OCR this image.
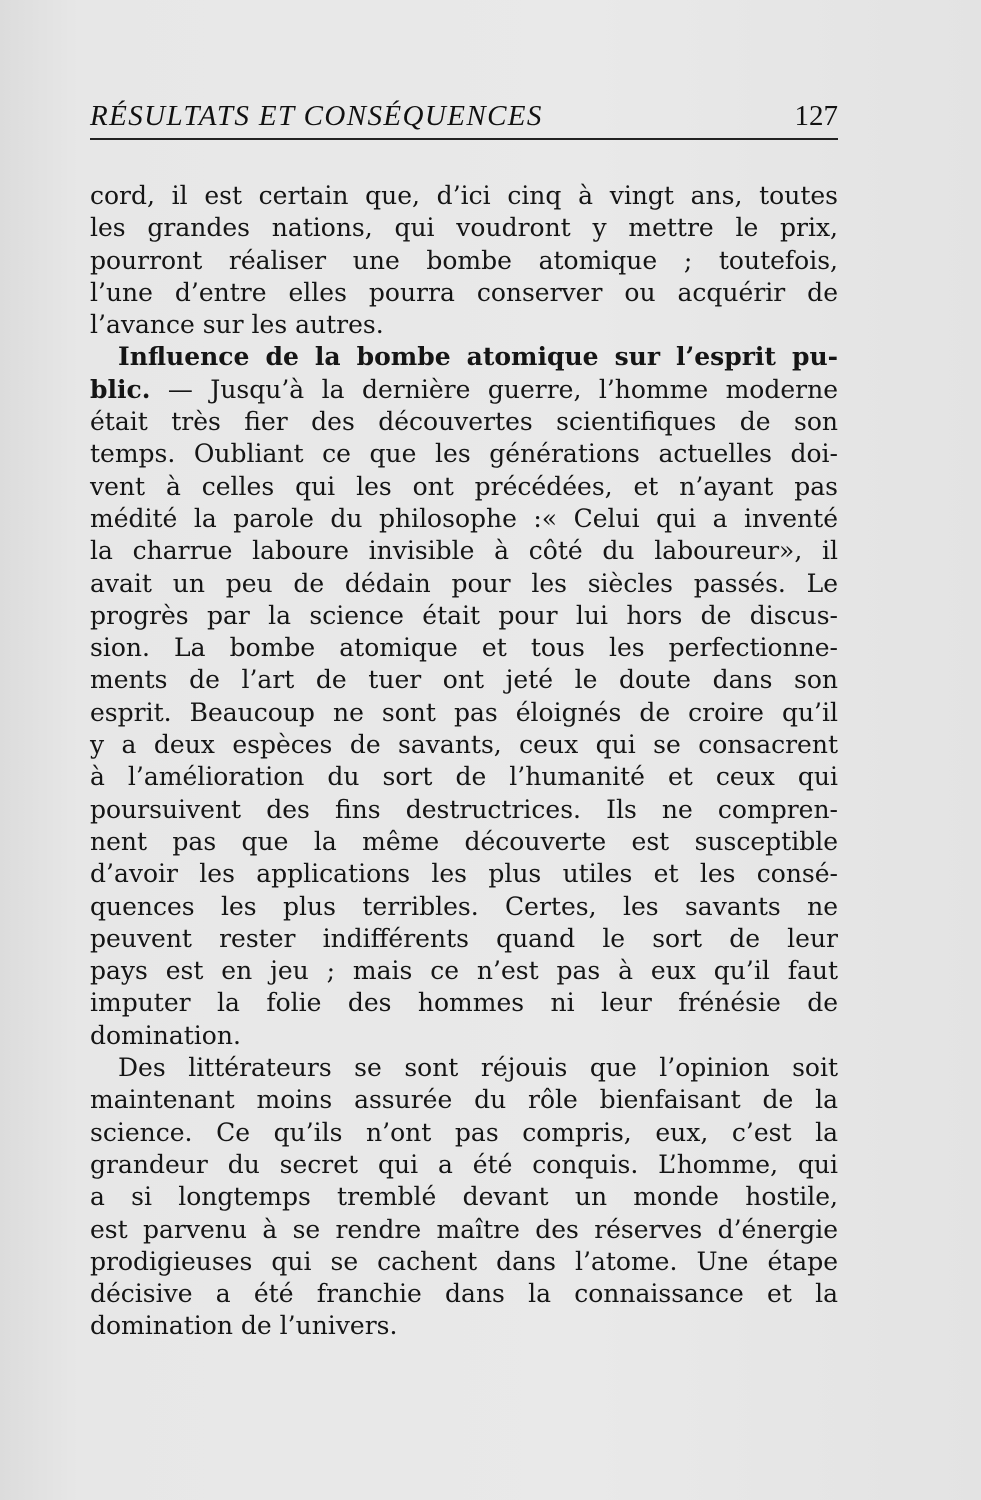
RÉSULTATS ET CONSÉQUENCES	127
cord, il est certain que, d’ici cinq à vingt ans, toutes
les grandes nations, qui voudront y mettre le prix,
pourront réaliser une bombe atomique ; toutefois,
l’une d’entre elles pourra conserver ou acquérir de
l’avance sur les autres.
Influence de la bombe atomique sur l’esprit pu-
blic. — Jusqu’à la dernière guerre, l’homme moderne
était très fier des découvertes scientifiques de son
temps. Oubliant ce que les générations actuelles doi-
vent à celles qui les ont précédées, et n’ayant pas
médité la parole du philosophe :« Celui qui a inventé
la charrue laboure invisible à côté du laboureur», il
avait un peu de dédain pour les siècles passés. Le
progrès par la science était pour lui hors de discus-
sion. La bombe atomique et tous les perfectionne-
ments de l’art de tuer ont jeté le doute dans son
esprit. Beaucoup ne sont pas éloignés de croire qu’il
y a deux espèces de savants, ceux qui se consacrent
à l’amélioration du sort de l’humanité et ceux qui
poursuivent des fins destructrices. Ils ne compren-
nent pas que la même découverte est susceptible
d’avoir les applications les plus utiles et les consé-
quences les plus terribles. Certes, les savants ne
peuvent rester indifférents quand le sort de leur
pays est en jeu ; mais ce n’est pas à eux qu’il faut
imputer la folie des hommes ni leur frénésie de
domination.
Des littérateurs se sont réjouis que l’opinion soit
maintenant moins assurée du rôle bienfaisant de la
science. Ce qu’ils n’ont pas compris, eux, c’est la
grandeur du secret qui a été conquis. L’homme, qui
a si longtemps tremblé devant un monde hostile,
est parvenu à se rendre maître des réserves d’énergie
prodigieuses qui se cachent dans l’atome. Une étape
décisive a été franchie dans la connaissance et la
domination de l’univers.
